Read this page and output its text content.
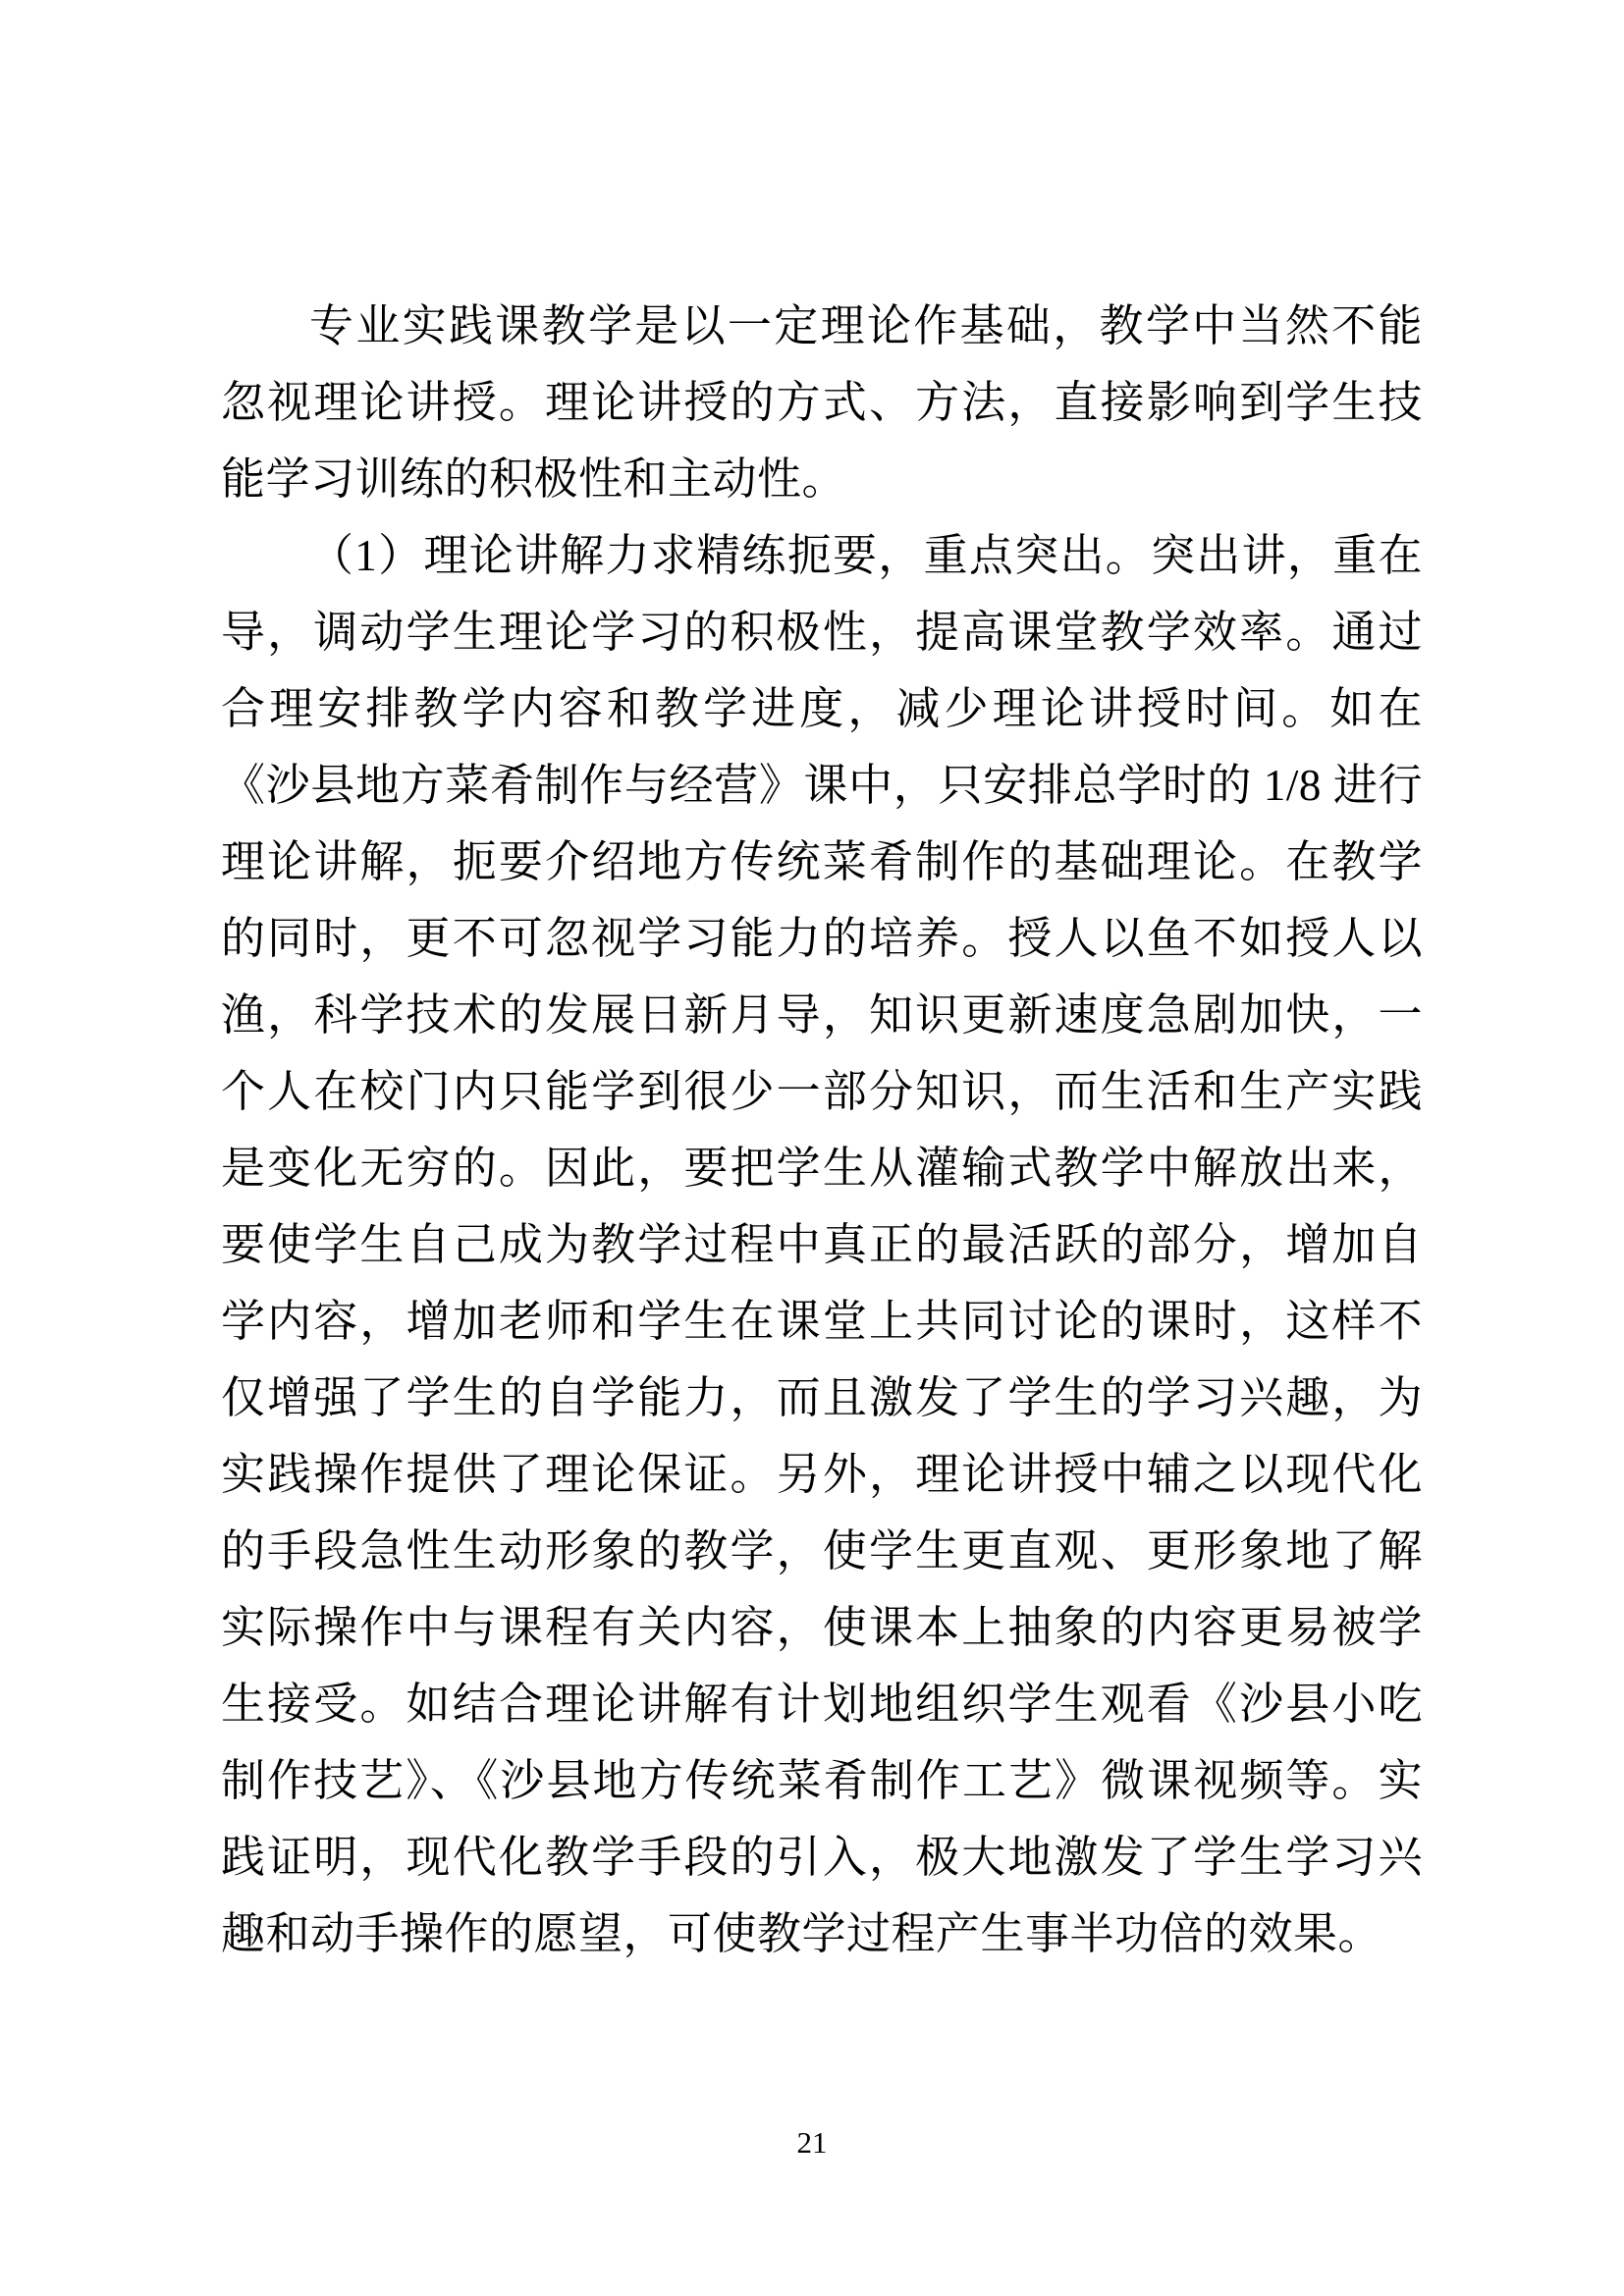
专业实践课教学是以一定理论作基础，教学中当然不能忽视理论讲授。理论讲授的方式、方法，直接影响到学生技能学习训练的积极性和主动性。

（1）理论讲解力求精练扼要，重点突出。突出讲，重在导，调动学生理论学习的积极性，提高课堂教学效率。通过合理安排教学内容和教学进度，减少理论讲授时间。如在《沙县地方菜肴制作与经营》课中，只安排总学时的 1/8 进行理论讲解，扼要介绍地方传统菜肴制作的基础理论。在教学的同时，更不可忽视学习能力的培养。授人以鱼不如授人以渔，科学技术的发展日新月导，知识更新速度急剧加快，一个人在校门内只能学到很少一部分知识，而生活和生产实践是变化无穷的。因此，要把学生从灌输式教学中解放出来，要使学生自己成为教学过程中真正的最活跃的部分，增加自学内容，增加老师和学生在课堂上共同讨论的课时，这样不仅增强了学生的自学能力，而且激发了学生的学习兴趣，为实践操作提供了理论保证。另外，理论讲授中辅之以现代化的手段急性生动形象的教学，使学生更直观、更形象地了解实际操作中与课程有关内容，使课本上抽象的内容更易被学生接受。如结合理论讲解有计划地组织学生观看《沙县小吃制作技艺》、《沙县地方传统菜肴制作工艺》微课视频等。实践证明，现代化教学手段的引入，极大地激发了学生学习兴趣和动手操作的愿望，可使教学过程产生事半功倍的效果。

21
